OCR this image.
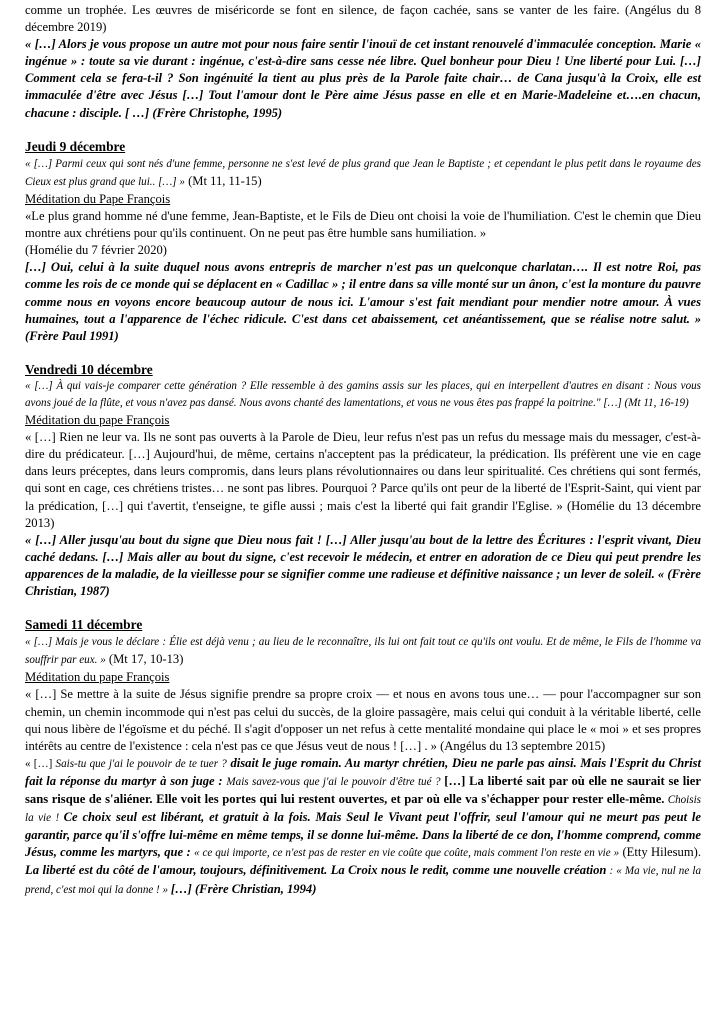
comme un trophée. Les œuvres de miséricorde se font en silence, de façon cachée, sans se vanter de les faire. (Angélus du 8 décembre 2019)

« […] Alors je vous propose un autre mot pour nous faire sentir l'inouï de cet instant renouvelé d'immaculée conception. Marie « ingénue » : toute sa vie durant : ingénue, c'est-à-dire sans cesse née libre. Quel bonheur pour Dieu ! Une liberté pour Lui. […] Comment cela se fera-t-il ? Son ingénuité la tient au plus près de la Parole faite chair… de Cana jusqu'à la Croix, elle est immaculée d'être avec Jésus […] Tout l'amour dont le Père aime Jésus passe en elle et en Marie-Madeleine et….en chacun, chacune : disciple. [ …] (Frère Christophe, 1995)

Jeudi 9 décembre

« […] Parmi ceux qui sont nés d'une femme, personne ne s'est levé de plus grand que Jean le Baptiste ; et cependant le plus petit dans le royaume des Cieux est plus grand que lui.. […] » (Mt 11, 11-15)

Méditation du Pape François

«Le plus grand homme né d'une femme, Jean-Baptiste, et le Fils de Dieu ont choisi la voie de l'humiliation. C'est le chemin que Dieu montre aux chrétiens pour qu'ils continuent. On ne peut pas être humble sans humiliation. »

(Homélie du 7 février 2020)

[…] Oui, celui à la suite duquel nous avons entrepris de marcher n'est pas un quelconque charlatan…. Il est notre Roi, pas comme les rois de ce monde qui se déplacent en « Cadillac » ; il entre dans sa ville monté sur un ânon, c'est la monture du pauvre comme nous en voyons encore beaucoup autour de nous ici. L'amour s'est fait mendiant pour mendier notre amour. À vues humaines, tout a l'apparence de l'échec ridicule. C'est dans cet abaissement, cet anéantissement, que se réalise notre salut. » (Frère Paul 1991)

Vendredi 10 décembre

« […] À qui vais-je comparer cette génération ? Elle ressemble à des gamins assis sur les places, qui en interpellent d'autres en disant : Nous vous avons joué de la flûte, et vous n'avez pas dansé. Nous avons chanté des lamentations, et vous ne vous êtes pas frappé la poitrine." […] (Mt 11, 16-19)

Méditation du pape François

« […] Rien ne leur va. Ils ne sont pas ouverts à la Parole de Dieu, leur refus n'est pas un refus du message mais du messager, c'est-à-dire du prédicateur. […] Aujourd'hui, de même, certains n'acceptent pas la prédicateur, la prédication. Ils préfèrent une vie en cage dans leurs préceptes, dans leurs compromis, dans leurs plans révolutionnaires ou dans leur spiritualité. Ces chrétiens qui sont fermés, qui sont en cage, ces chrétiens tristes… ne sont pas libres. Pourquoi ? Parce qu'ils ont peur de la liberté de l'Esprit-Saint, qui vient par la prédication, […] qui t'avertit, t'enseigne, te gifle aussi ; mais c'est la liberté qui fait grandir l'Eglise. » (Homélie du 13 décembre 2013)

« […] Aller jusqu'au bout du signe que Dieu nous fait ! […] Aller jusqu'au bout de la lettre des Écritures : l'esprit vivant, Dieu caché dedans. […] Mais aller au bout du signe, c'est recevoir le médecin, et entrer en adoration de ce Dieu qui peut prendre les apparences de la maladie, de la vieillesse pour se signifier comme une radieuse et définitive naissance ; un lever de soleil. « (Frère Christian, 1987)

Samedi 11 décembre

« […] Mais je vous le déclare : Élie est déjà venu ; au lieu de le reconnaître, ils lui ont fait tout ce qu'ils ont voulu. Et de même, le Fils de l'homme va souffrir par eux. » (Mt 17, 10-13)

Méditation du pape François

« […] Se mettre à la suite de Jésus signifie prendre sa propre croix — et nous en avons tous une… — pour l'accompagner sur son chemin, un chemin incommode qui n'est pas celui du succès, de la gloire passagère, mais celui qui conduit à la véritable liberté, celle qui nous libère de l'égoïsme et du péché. Il s'agit d'opposer un net refus à cette mentalité mondaine qui place le « moi » et ses propres intérêts au centre de l'existence : cela n'est pas ce que Jésus veut de nous ! […] . » (Angélus du 13 septembre 2015)

« […] Sais-tu que j'ai le pouvoir de te tuer ? disait le juge romain. Au martyr chrétien, Dieu ne parle pas ainsi. Mais l'Esprit du Christ fait la réponse du martyr à son juge : Mais savez-vous que j'ai le pouvoir d'être tué ? […] La liberté sait par où elle ne saurait se lier sans risque de s'aliéner. Elle voit les portes qui lui restent ouvertes, et par où elle va s'échapper pour rester elle-même. Choisis la vie ! Ce choix seul est libérant, et gratuit à la fois. Mais Seul le Vivant peut l'offrir, seul l'amour qui ne meurt pas peut le garantir, parce qu'il s'offre lui-même en même temps, il se donne lui-même. Dans la liberté de ce don, l'homme comprend, comme Jésus, comme les martyrs, que : « ce qui importe, ce n'est pas de rester en vie coûte que coûte, mais comment l'on reste en vie » (Etty Hilesum). La liberté est du côté de l'amour, toujours, définitivement. La Croix nous le redit, comme une nouvelle création : « Ma vie, nul ne la prend, c'est moi qui la donne ! » […] (Frère Christian, 1994)
